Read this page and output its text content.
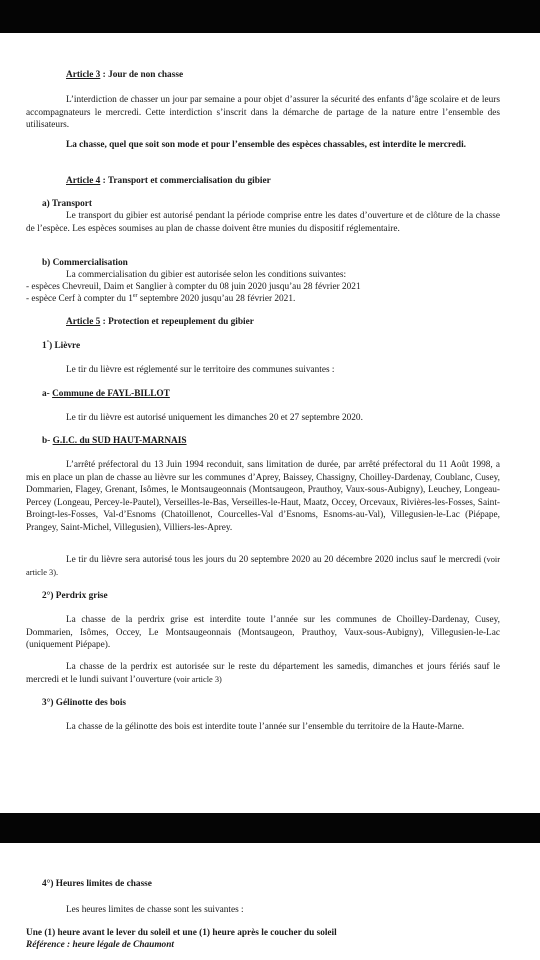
Article 3 : Jour de non chasse

L’interdiction de chasser un jour par semaine a pour objet d’assurer la sécurité des enfants d’âge scolaire et de leurs accompagnateurs le mercredi. Cette interdiction s’inscrit dans la démarche de partage de la nature entre l’ensemble des utilisateurs.

La chasse, quel que soit son mode et pour l’ensemble des espèces chassables, est interdite le mercredi.

Article 4 : Transport et commercialisation du gibier

a) Transport

Le transport du gibier est autorisé pendant la période comprise entre les dates d’ouverture et de clôture de la chasse de l’espèce. Les espèces soumises au plan de chasse doivent être munies du dispositif réglementaire.

b) Commercialisation

La commercialisation du gibier est autorisée selon les conditions suivantes:

- espèces Chevreuil, Daim et Sanglier à compter du 08 juin 2020 jusqu’au 28 février 2021

- espèce Cerf à compter du 1er septembre 2020 jusqu’au 28 février 2021.

Article 5 : Protection et repeuplement du gibier

1°) Lièvre

Le tir du lièvre est réglementé sur le territoire des communes suivantes :

a- Commune de FAYL-BILLOT

Le tir du lièvre est autorisé uniquement les dimanches 20 et 27 septembre 2020.

b- G.I.C. du SUD HAUT-MARNAIS

L’arrêté préfectoral du 13 Juin 1994 reconduit, sans limitation de durée, par arrêté préfectoral du 11 Août 1998, a mis en place un plan de chasse au lièvre sur les communes d’Aprey, Baissey, Chassigny, Choilley-Dardenay, Coublanc, Cusey, Dommarien, Flagey, Grenant, Isômes, le Montsaugeonnais (Montsaugeon, Prauthoy, Vaux-sous-Aubigny), Leuchey, Longeau-Percey (Longeau, Percey-le-Pautel), Verseilles-le-Bas, Verseilles-le-Haut, Maatz, Occey, Orcevaux, Rivières-les-Fosses, Saint-Broingt-les-Fosses, Val-d’Esnoms (Chatoillenot, Courcelles-Val d’Esnoms, Esnoms-au-Val), Villegusien-le-Lac (Piépape, Prangey, Saint-Michel, Villegusien), Villiers-les-Aprey.

Le tir du lièvre sera autorisé tous les jours du 20 septembre 2020 au 20 décembre 2020 inclus sauf le mercredi (voir article 3).

2°) Perdrix grise

La chasse de la perdrix grise est interdite toute l’année sur les communes de Choilley-Dardenay, Cusey, Dommarien, Isômes, Occey, Le Montsaugeonnais (Montsaugeon, Prauthoy, Vaux-sous-Aubigny), Villegusien-le-Lac (uniquement Piépape).

La chasse de la perdrix est autorisée sur le reste du département les samedis, dimanches et jours fériés sauf le mercredi et le lundi suivant l’ouverture (voir article 3)

3°) Gélinotte des bois

La chasse de la gélinotte des bois est interdite toute l’année sur l’ensemble du territoire de la Haute-Marne.

4°) Heures limites de chasse

Les heures limites de chasse sont les suivantes :

Une (1) heure avant le lever du soleil et une (1) heure après le coucher du soleil

Référence : heure légale de Chaumont
